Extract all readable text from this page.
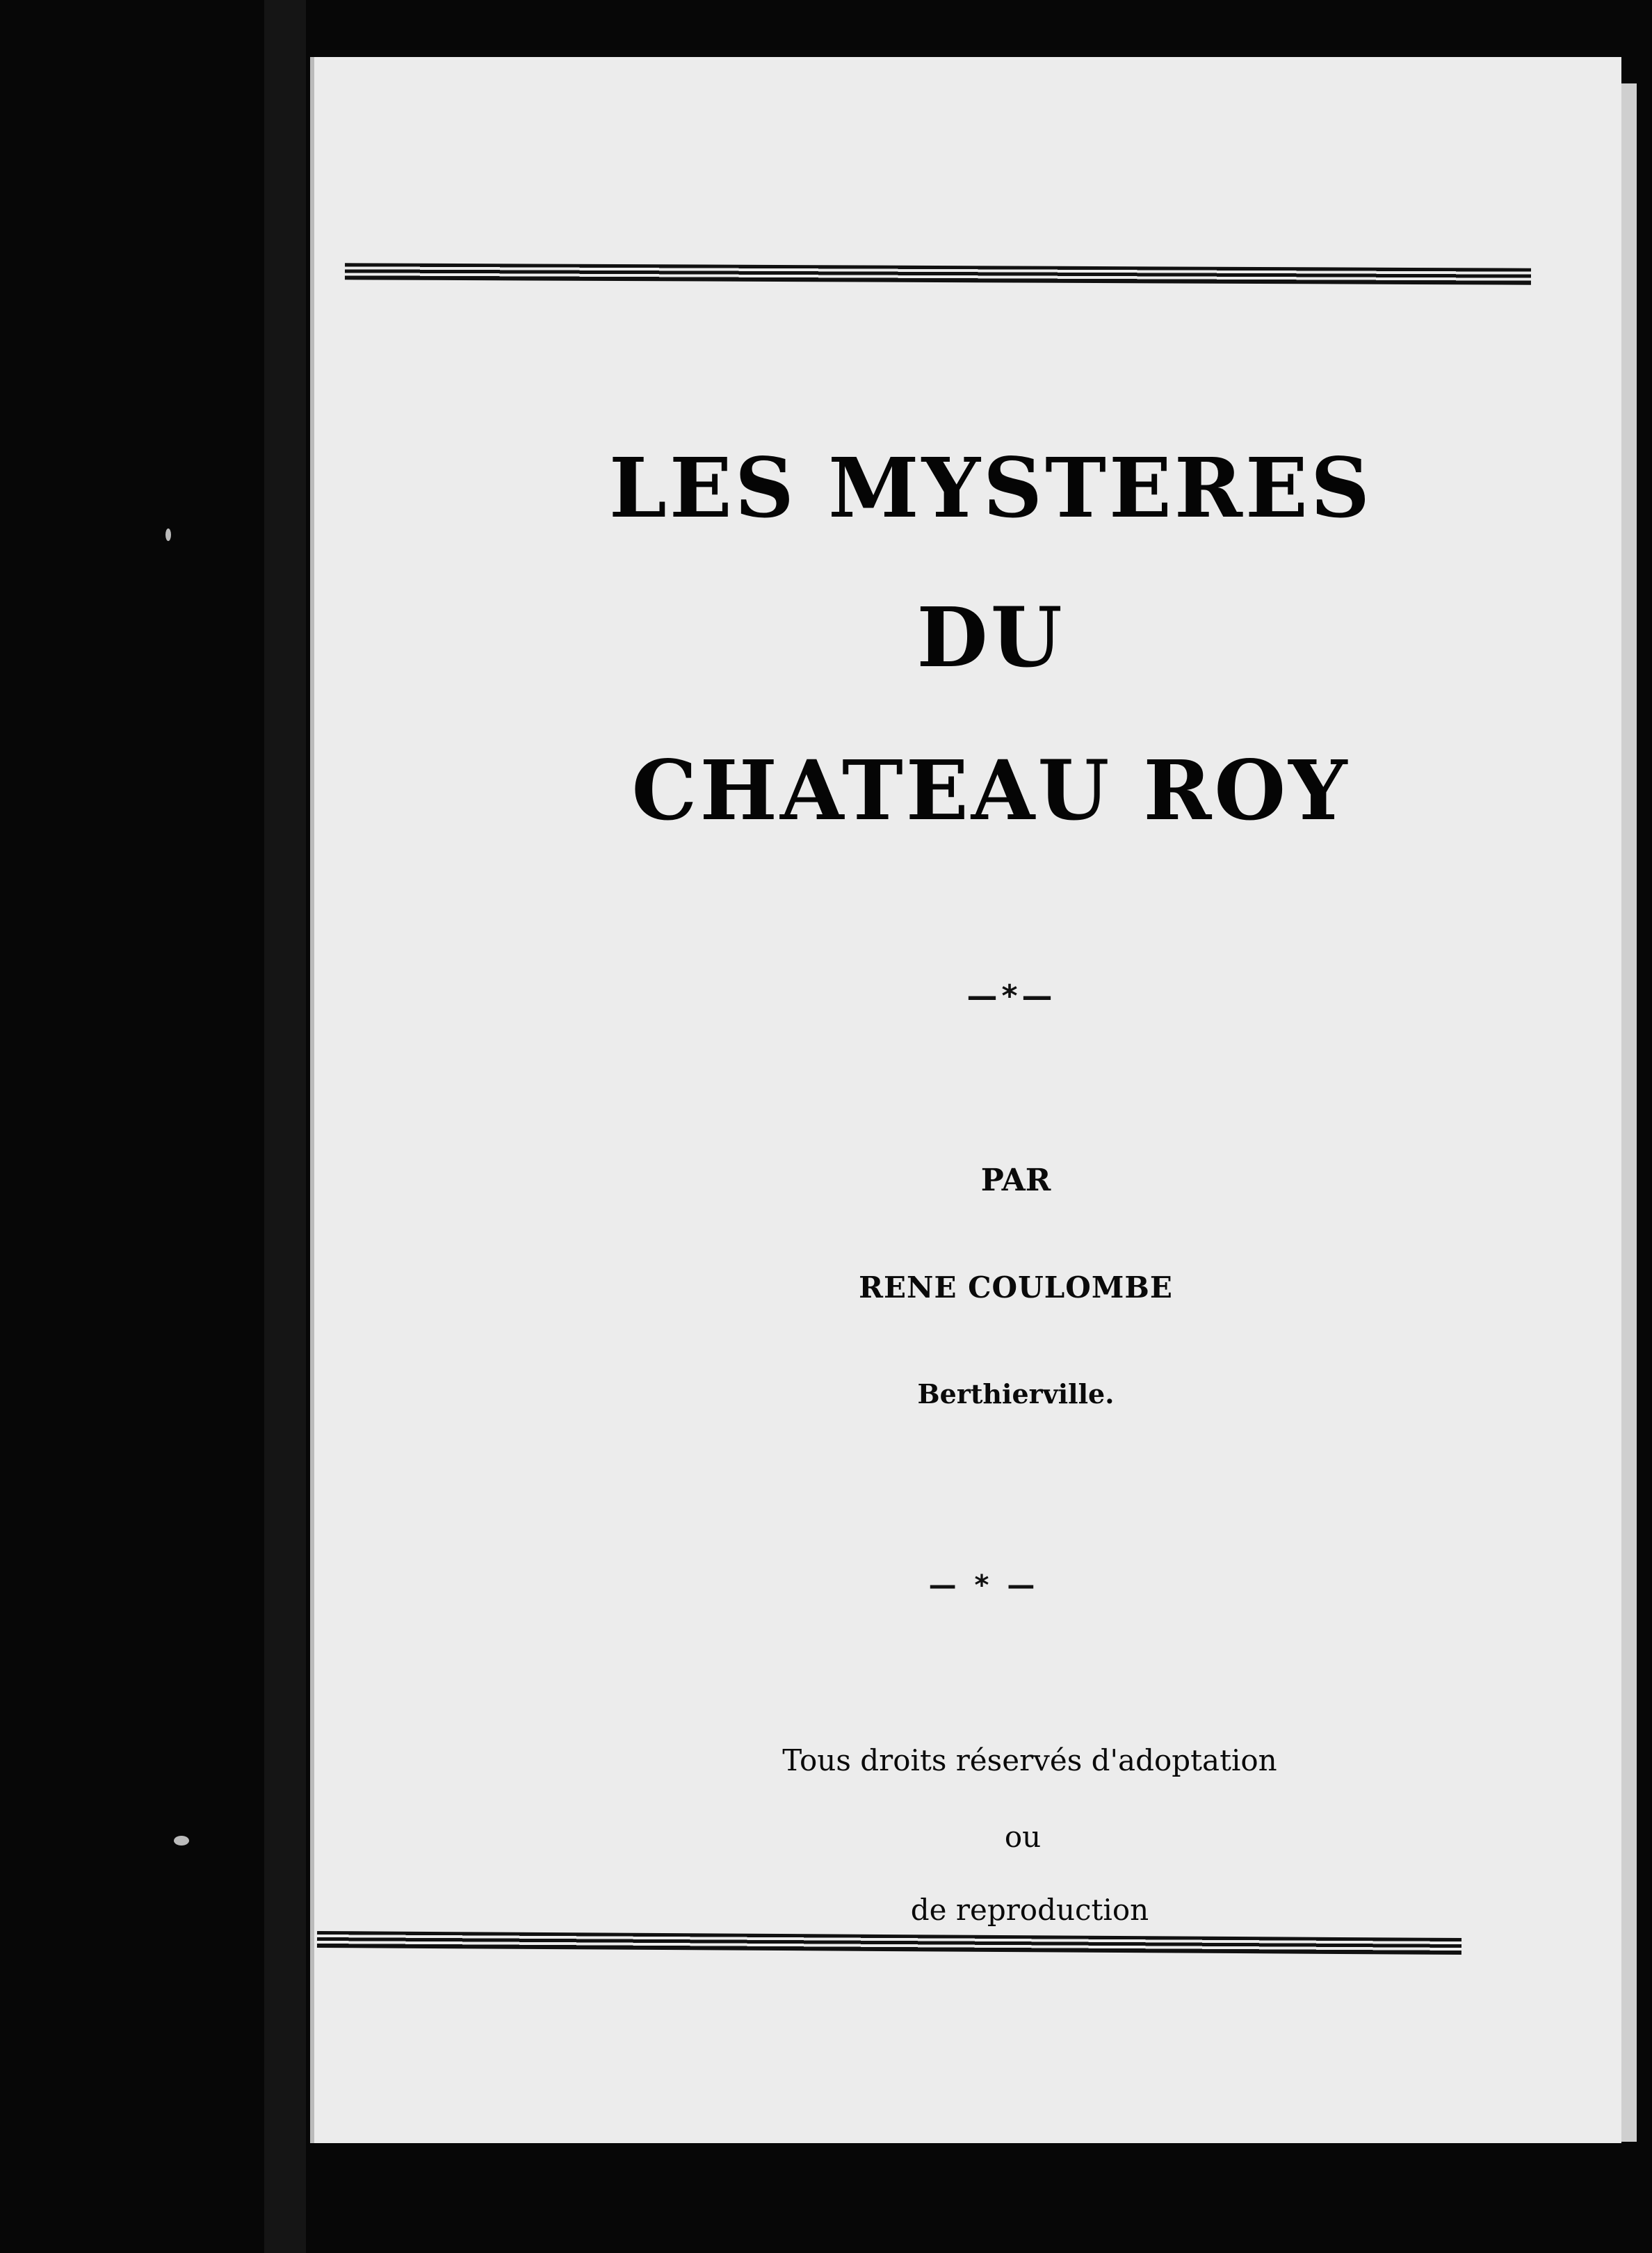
LES MYSTERES
DU
CHATEAU ROY
—*—
PAR
RENE COULOMBE
Berthierville.
— * —
Tous droits réservés d'adoptation
ou
de reproduction
